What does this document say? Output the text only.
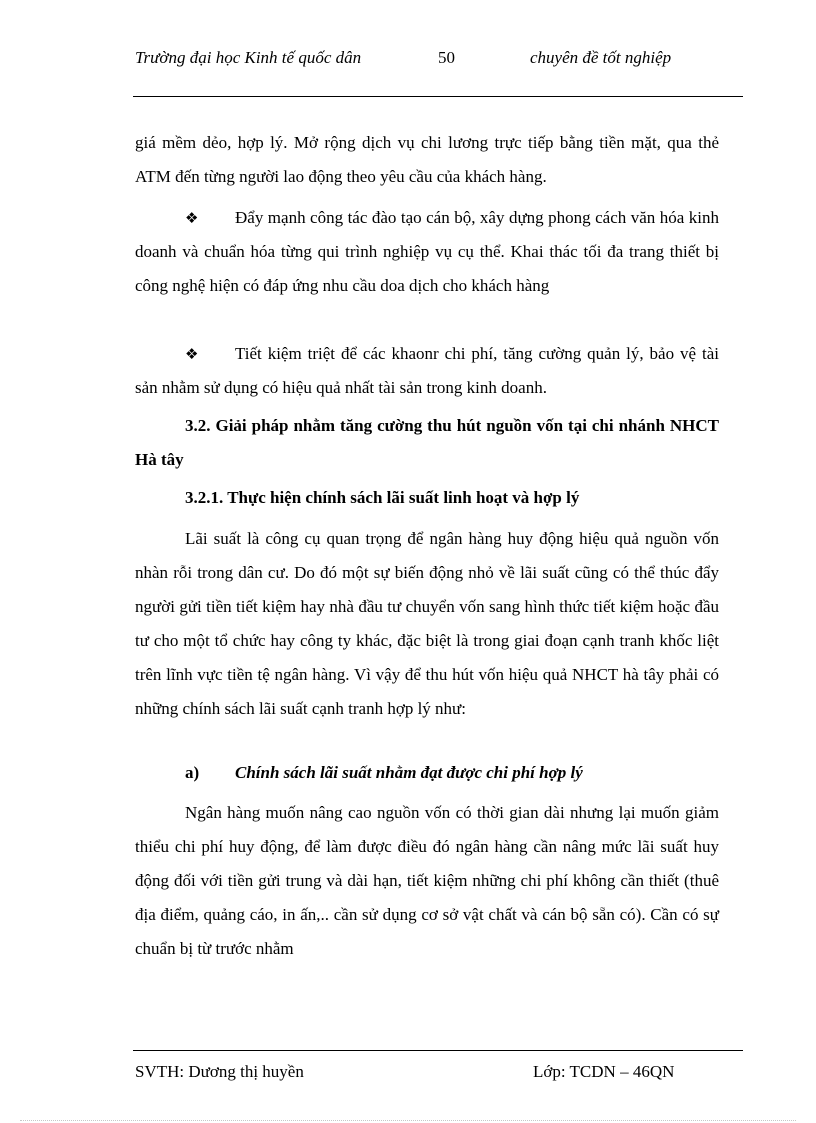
Trường đại học Kinh tế quốc dân	50	chuyên đề tốt nghiệp

giá mềm dẻo, hợp lý. Mở rộng dịch vụ chi lương trực tiếp bằng tiền mặt, qua thẻ ATM đến từng người lao động theo yêu cầu của khách hàng.

❖ Đẩy mạnh công tác đào tạo cán bộ, xây dựng phong cách văn hóa kinh doanh và chuẩn hóa từng qui trình nghiệp vụ cụ thể. Khai thác tối đa trang thiết bị công nghệ hiện có đáp ứng nhu cầu doa dịch cho khách hàng

❖ Tiết kiệm triệt để các khaonr chi phí, tăng cường quản lý, bảo vệ tài sản nhằm sử dụng có hiệu quả nhất tài sản trong kinh doanh.

3.2. Giải pháp nhằm tăng cường thu hút nguồn vốn tại chi nhánh NHCT Hà tây

3.2.1. Thực hiện chính sách lãi suất linh hoạt và hợp lý

Lãi suất là công cụ quan trọng để ngân hàng huy động hiệu quả nguồn vốn nhàn rỗi trong dân cư. Do đó một sự biến động nhỏ về lãi suất cũng có thể thúc đẩy người gửi tiền tiết kiệm hay nhà đầu tư chuyển vốn sang hình thức tiết kiệm hoặc đầu tư cho một tổ chức hay công ty khác, đặc biệt là trong giai đoạn cạnh tranh khốc liệt trên lĩnh vực tiền tệ ngân hàng. Vì vậy để thu hút vốn hiệu quả NHCT hà tây phải có những chính sách lãi suất cạnh tranh hợp lý như:

a) Chính sách lãi suất nhằm đạt được chi phí hợp lý

Ngân hàng muốn nâng cao nguồn vốn có thời gian dài nhưng lại muốn giảm thiểu chi phí huy động, để làm được điều đó ngân hàng cần nâng mức lãi suất huy động đối với tiền gửi trung và dài hạn, tiết kiệm những chi phí không cần thiết (thuê địa điểm, quảng cáo, in ấn,.. cần sử dụng cơ sở vật chất và cán bộ sẵn có). Cần có sự chuẩn bị từ trước nhằm

SVTH: Dương thị huyền	Lớp: TCDN – 46QN
